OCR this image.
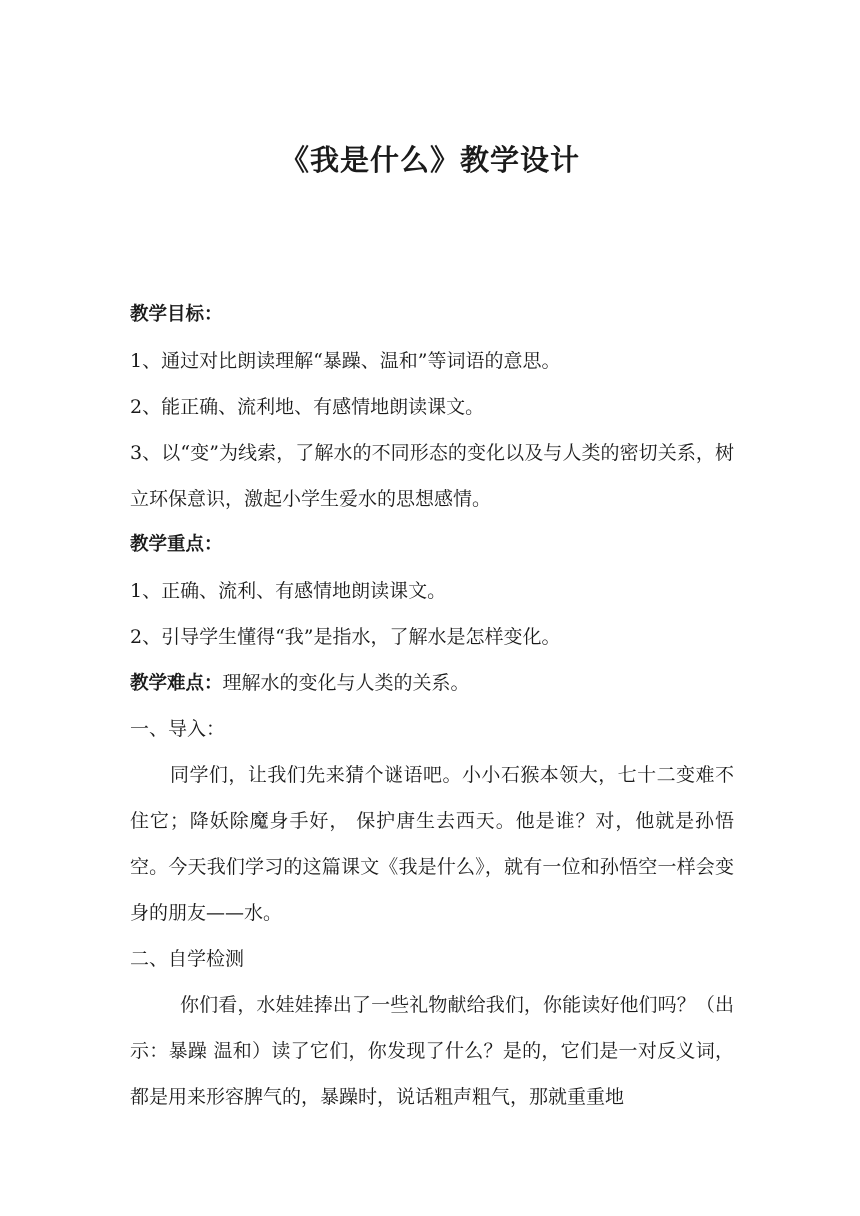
《我是什么》教学设计
教学目标：
1、通过对比朗读理解“暴躁、温和”等词语的意思。
2、能正确、流利地、有感情地朗读课文。
3、以“变”为线索，了解水的不同形态的变化以及与人类的密切关系，树立环保意识，激起小学生爱水的思想感情。
教学重点：
1、正确、流利、有感情地朗读课文。
2、引导学生懂得“我”是指水，了解水是怎样变化。
教学难点：理解水的变化与人类的关系。
一、导入：
同学们，让我们先来猜个谜语吧。小小石猴本领大，七十二变难不住它；降妖除魔身手好， 保护唐生去西天。他是谁？对，他就是孙悟空。今天我们学习的这篇课文《我是什么》，就有一位和孙悟空一样会变身的朋友——水。
二、自学检测
你们看，水娃娃捧出了一些礼物献给我们，你能读好他们吗？（出示：暴躁 温和）读了它们，你发现了什么？是的，它们是一对反义词，都是用来形容脾气的，暴躁时，说话粗声粗气，那就重重地
